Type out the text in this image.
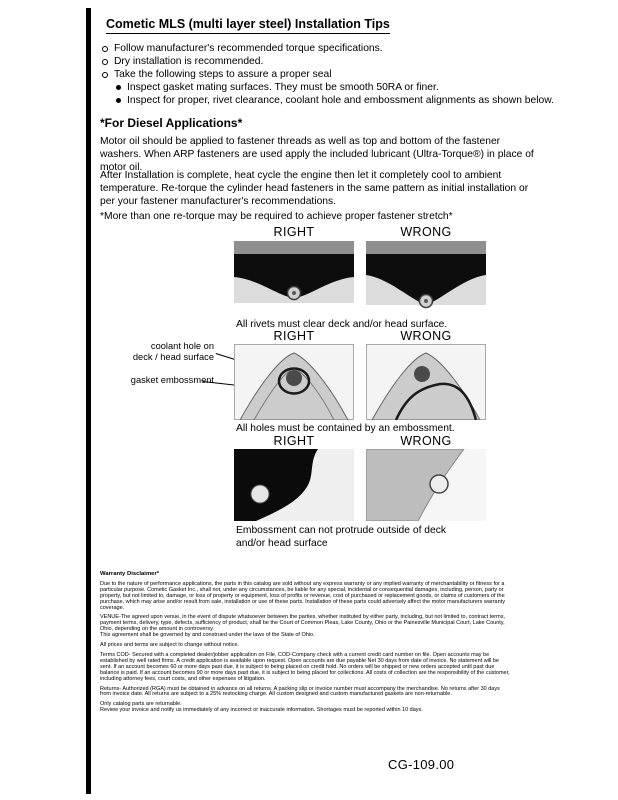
Cometic MLS (multi layer steel) Installation Tips
Follow manufacturer's recommended torque specifications.
Dry installation is recommended.
Take the following steps to assure a proper seal
Inspect gasket mating surfaces. They must be smooth 50RA or finer.
Inspect for proper, rivet clearance, coolant hole and embossment alignments as shown below.
*For Diesel Applications*
Motor oil should be applied to fastener threads as well as top and bottom of the fastener washers. When ARP fasteners are used apply the included lubricant (Ultra-Torque®) in place of motor oil.
After Installation is complete, heat cycle the engine then let it completely cool to ambient temperature. Re-torque the cylinder head fasteners in the same pattern as initial installation or per your fastener manufacturer's recommendations.
*More than one re-torque may be required to achieve proper fastener stretch*
RIGHT	WRONG
All rivets must clear deck and/or head surface.
RIGHT	WRONG
coolant hole on
deck / head surface
gasket embossment
All holes must be contained by an embossment.
RIGHT	WRONG
Embossment can not protrude outside of deck and/or head surface

Warranty Disclaimer*

Due to the nature of performance applications, the parts in this catalog are sold without any express warranty or any implied warranty of merchantability or fitness for a particular purpose. Cometic Gasket Inc., shall not, under any circumstances, be liable for any special, incidental or consequential damages, including, person, party or property, but not limited to, damage, or loss of property or equipment, loss of profits or revenue, cost of purchased or replacement goods, or claims of customers of the purchase, which may arise and/or result from sale, installation or use of these parts. Installation of these parts could adversely affect the motor manufacturers warranty coverage.

VENUE-The agreed upon venue, in the event of dispute whatsoever between the parties, whether instituted by either party, including, but not limited to, contract terms, payment terms, delivery, type, defects, sufficiency of product, shall be the Court of Common Pleas, Lake County, Ohio or the Painesville Municipal Court, Lake County, Ohio, depending on the amount in controversy.

This agreement shall be governed by and construed under the laws of the State of Ohio.

All prices and terms are subject to change without notice.

Terms COD- Secured with a completed dealer/jobber application on File, COD-Company check with a current credit card number on file. Open accounts may be established by well rated firms. A credit application is available upon request. Open accounts are due payable Net 30 days from date of invoice. No statement will be sent. If an account becomes 60 or more days past due, it is subject to being placed on credit hold. No orders will be shipped or new orders accepted until past due balance is paid. If an account becomes 90 or more days past due, it is subject to being placed for collections. All costs of collection are the responsibility of the customer, including attorney fees, court costs, and other expenses of litigation.

Returns- Authorized (RGA) must be obtained in advance on all returns. A packing slip or invoice number must accompany the merchandise. No returns after 30 days from invoice date. All returns are subject to a 25% restocking charge. All custom designed and custom manufactured gaskets are non-returnable.

Only catalog parts are returnable.

Review your invoice and notify us immediately of any incorrect or inaccurate information. Shortages must be reported within 10 days.

CG-109.00
